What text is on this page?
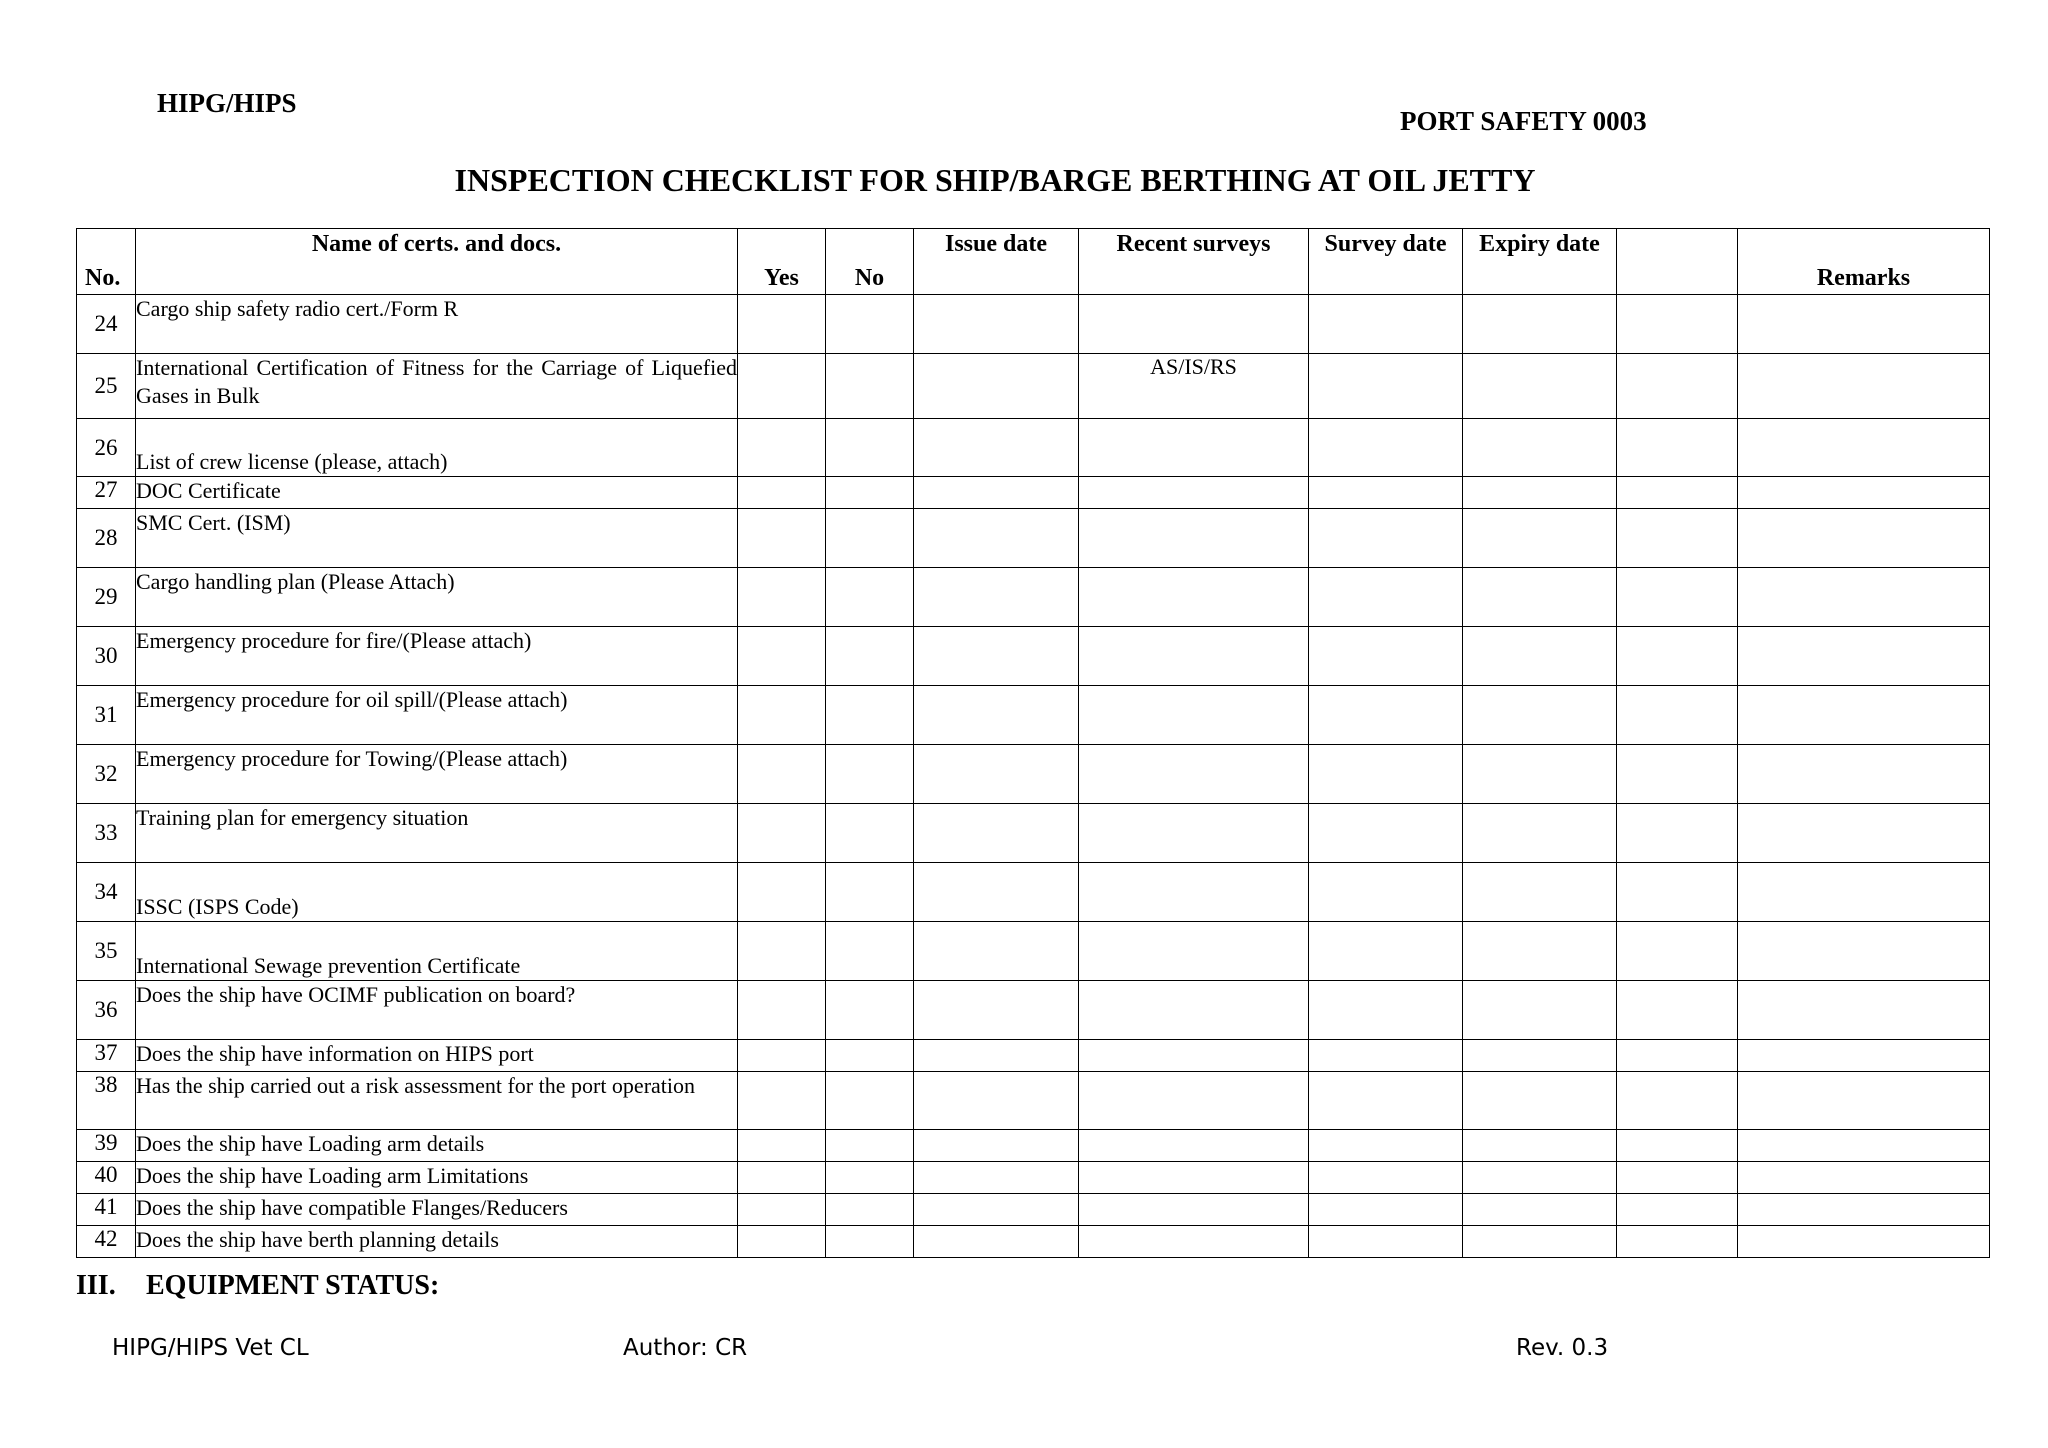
HIPG/HIPS
PORT SAFETY 0003
INSPECTION CHECKLIST FOR SHIP/BARGE BERTHING AT OIL JETTY
No.	Name of certs. and docs.	Yes	No	Issue date	Recent surveys	Survey date	Expiry date		Remarks

24	Cargo ship safety radio cert./Form R								
25	International Certification of Fitness for the Carriage of Liquefied Gases in Bulk				AS/IS/RS				
26	List of crew license (please, attach)								
27	DOC Certificate								
28	SMC Cert. (ISM)								
29	Cargo handling plan (Please Attach)								
30	Emergency procedure for fire/(Please attach)								
31	Emergency procedure for oil spill/(Please attach)								
32	Emergency procedure for Towing/(Please attach)								
33	Training plan for emergency situation								
34	ISSC (ISPS Code)								
35	International Sewage prevention Certificate								
36	Does the ship have OCIMF publication on board?								
37	Does the ship have information on HIPS port								
38	Has the ship carried out a risk assessment for the port operation								
39	Does the ship have Loading arm details								
40	Does the ship have Loading arm Limitations								
41	Does the ship have compatible Flanges/Reducers								
42	Does the ship have berth planning details								
III. EQUIPMENT STATUS:
HIPG/HIPS Vet CL	Author: CR	Rev. 0.3
